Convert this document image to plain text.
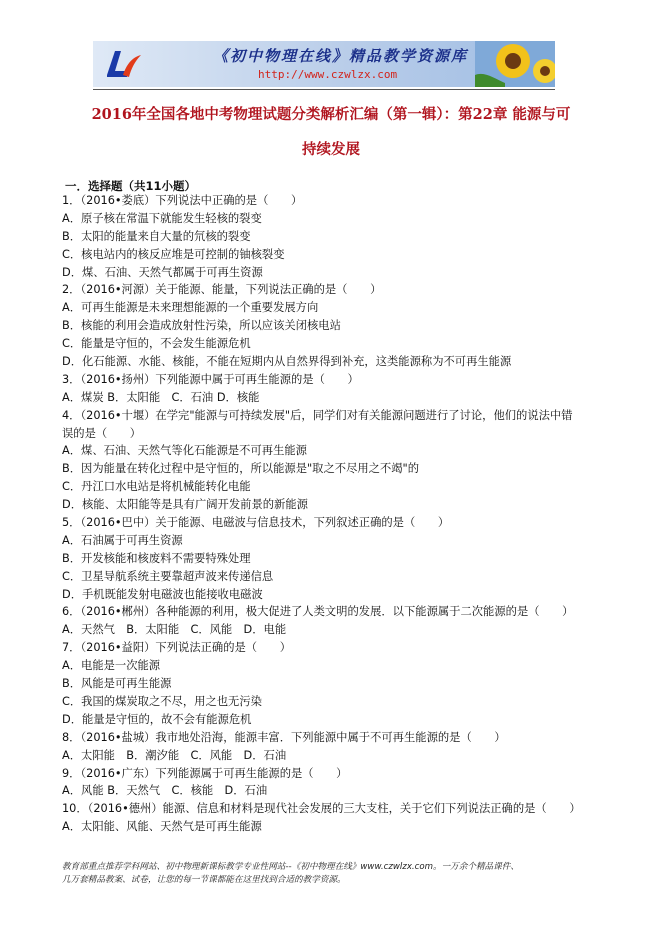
《初中物理在线》精品教学资源库
http://www.czwlzx.com
2016年全国各地中考物理试题分类解析汇编（第一辑）：第22章 能源与可
持续发展
一．选择题（共11小题）
1．（2016•娄底）下列说法中正确的是（　　）
A．原子核在常温下就能发生轻核的裂变
B．太阳的能量来自大量的氘核的裂变
C．核电站内的核反应堆是可控制的铀核裂变
D．煤、石油、天然气都属于可再生资源
2．（2016•河源）关于能源、能量，下列说法正确的是（　　）
A．可再生能源是未来理想能源的一个重要发展方向
B．核能的利用会造成放射性污染，所以应该关闭核电站
C．能量是守恒的，不会发生能源危机
D．化石能源、水能、核能，不能在短期内从自然界得到补充，这类能源称为不可再生能源
3．（2016•扬州）下列能源中属于可再生能源的是（　　）
A．煤炭 B．太阳能　C．石油 D．核能
4．（2016•十堰）在学完"能源与可持续发展"后，同学们对有关能源问题进行了讨论，他们的说法中错
误的是（　　）
A．煤、石油、天然气等化石能源是不可再生能源
B．因为能量在转化过程中是守恒的，所以能源是"取之不尽用之不竭"的
C．丹江口水电站是将机械能转化电能
D．核能、太阳能等是具有广阔开发前景的新能源
5．（2016•巴中）关于能源、电磁波与信息技术，下列叙述正确的是（　　）
A．石油属于可再生资源
B．开发核能和核废料不需要特殊处理
C．卫星导航系统主要靠超声波来传递信息
D．手机既能发射电磁波也能接收电磁波
6．（2016•郴州）各种能源的利用，极大促进了人类文明的发展．以下能源属于二次能源的是（　　）
A．天然气　B．太阳能　C．风能　D．电能
7．（2016•益阳）下列说法正确的是（　　）
A．电能是一次能源
B．风能是可再生能源
C．我国的煤炭取之不尽，用之也无污染
D．能量是守恒的，故不会有能源危机
8．（2016•盐城）我市地处沿海，能源丰富．下列能源中属于不可再生能源的是（　　）
A．太阳能　B．潮汐能　C．风能　D．石油
9．（2016•广东）下列能源属于可再生能源的是（　　）
A．风能 B．天然气　C．核能　D．石油
10．（2016•德州）能源、信息和材料是现代社会发展的三大支柱，关于它们下列说法正确的是（　　）
A．太阳能、风能、天然气是可再生能源
教育部重点推荐学科网站、初中物理新课标教学专业性网站--《初中物理在线》www.czwlzx.com。一万余个精品课件、
几万套精品教案、试卷，让您的每一节课都能在这里找到合适的教学资源。
